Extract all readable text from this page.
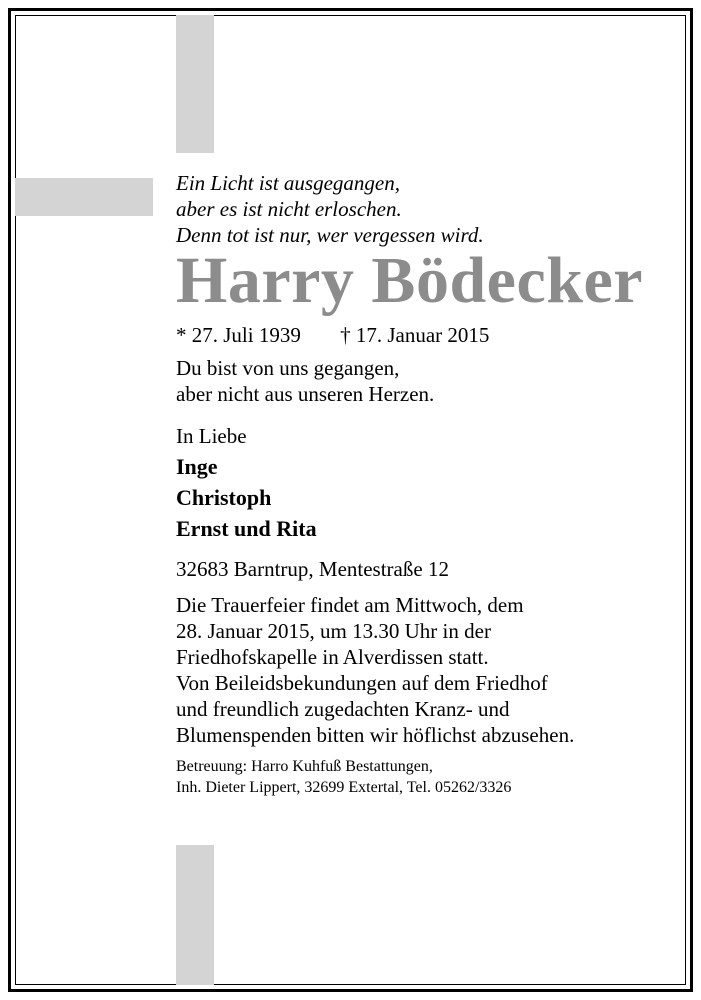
Ein Licht ist ausgegangen,
aber es ist nicht erloschen.
Denn tot ist nur, wer vergessen wird.
Harry Bödecker
* 27. Juli 1939 † 17. Januar 2015
Du bist von uns gegangen,
aber nicht aus unseren Herzen.
In Liebe
Inge
Christoph
Ernst und Rita
32683 Barntrup, Mentestraße 12
Die Trauerfeier findet am Mittwoch, dem
28. Januar 2015, um 13.30 Uhr in der
Friedhofskapelle in Alverdissen statt.
Von Beileidsbekundungen auf dem Friedhof
und freundlich zugedachten Kranz- und
Blumenspenden bitten wir höflichst abzusehen.
Betreuung: Harro Kuhfuß Bestattungen,
Inh. Dieter Lippert, 32699 Extertal, Tel. 05262/3326
